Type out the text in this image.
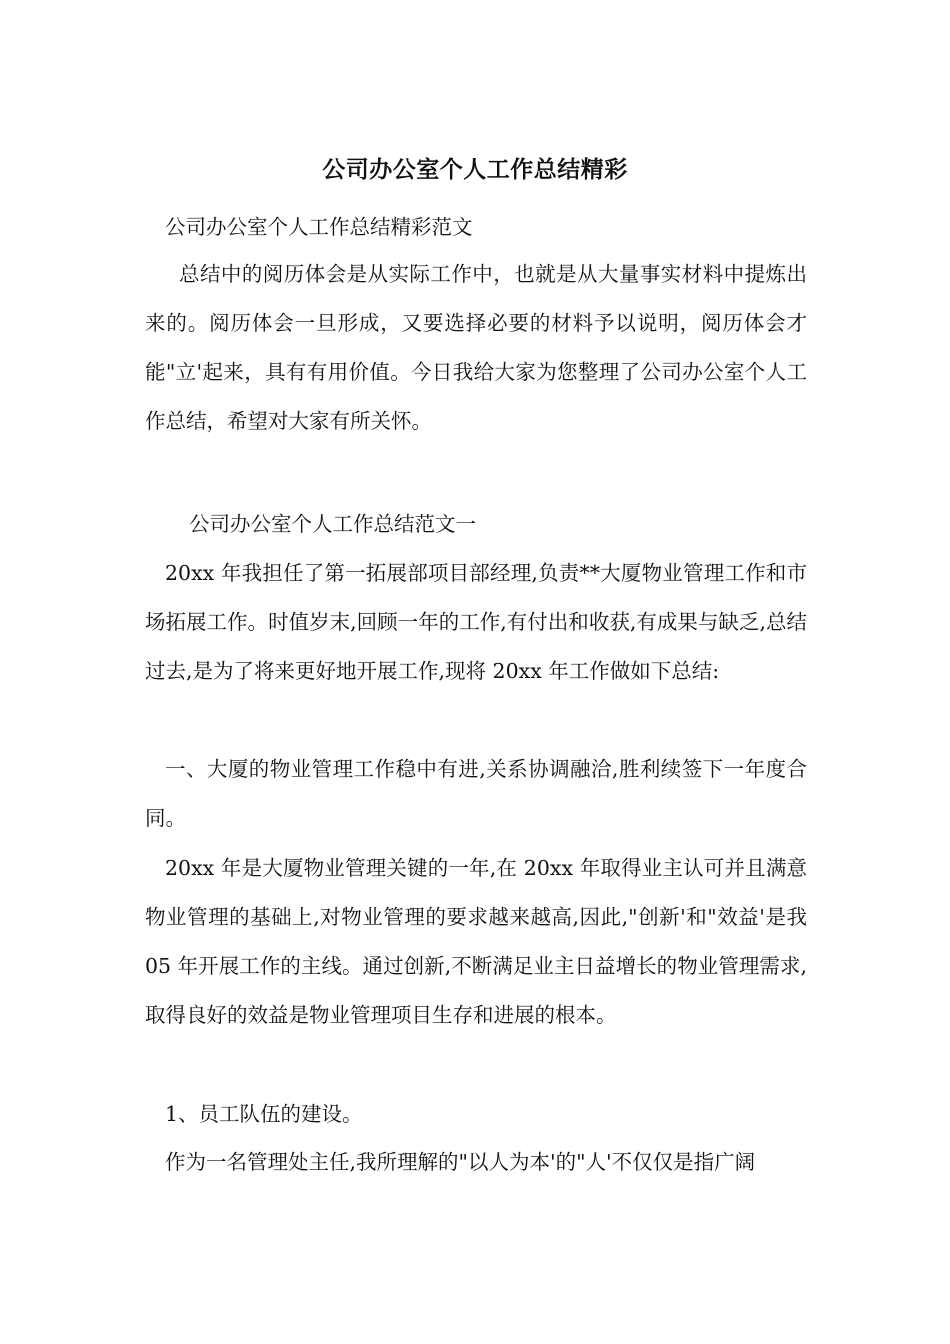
公司办公室个人工作总结精彩

公司办公室个人工作总结精彩范文

总结中的阅历体会是从实际工作中，也就是从大量事实材料中提炼出来的。阅历体会一旦形成，又要选择必要的材料予以说明，阅历体会才能"立'起来，具有有用价值。今日我给大家为您整理了公司办公室个人工作总结，希望对大家有所关怀。

公司办公室个人工作总结范文一

20xx 年我担任了第一拓展部项目部经理,负责**大厦物业管理工作和市场拓展工作。时值岁末,回顾一年的工作,有付出和收获,有成果与缺乏,总结过去,是为了将来更好地开展工作,现将 20xx 年工作做如下总结:

一、大厦的物业管理工作稳中有进,关系协调融洽,胜利续签下一年度合同。

20xx 年是大厦物业管理关键的一年,在 20xx 年取得业主认可并且满意物业管理的基础上,对物业管理的要求越来越高,因此,"创新'和"效益'是我 05 年开展工作的主线。通过创新,不断满足业主日益增长的物业管理需求,取得良好的效益是物业管理项目生存和进展的根本。

1、员工队伍的建设。

作为一名管理处主任,我所理解的"以人为本'的"人'不仅仅是指广阔
